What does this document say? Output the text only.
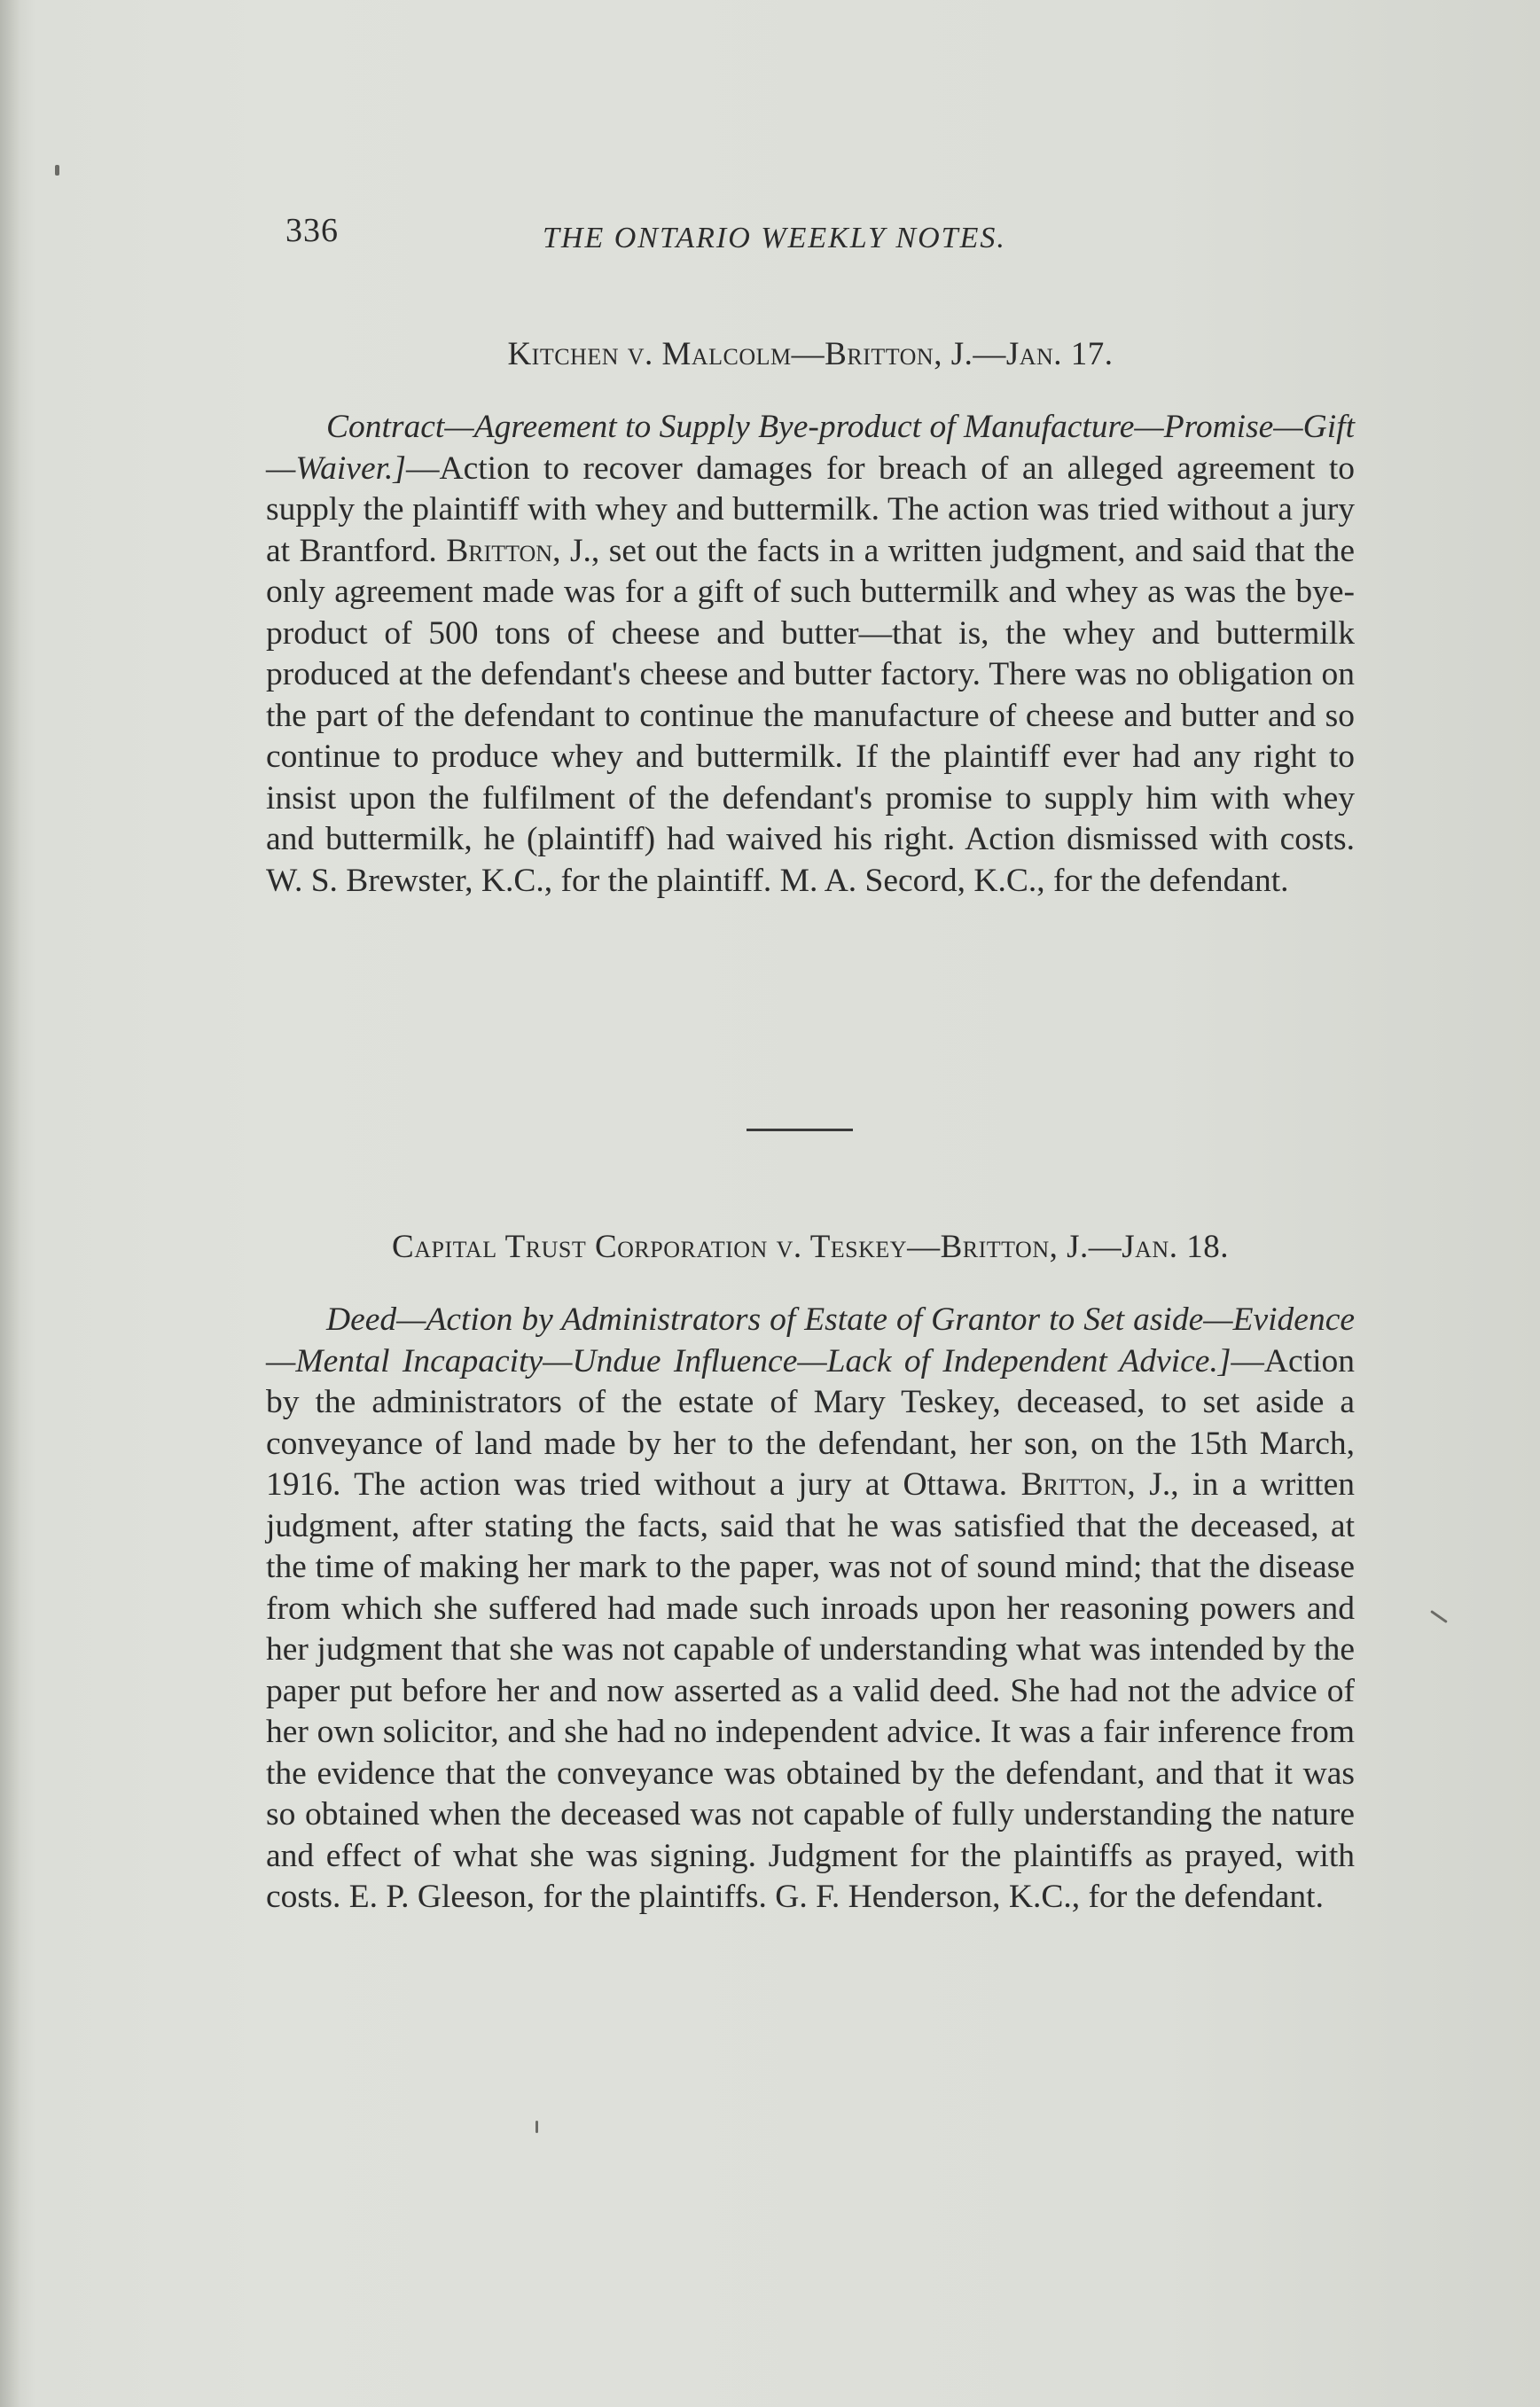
336	THE ONTARIO WEEKLY NOTES.
Kitchen v. Malcolm—Britton, J.—Jan. 17.

Contract—Agreement to Supply Bye-product of Manufacture—Promise—Gift—Waiver.]—Action to recover damages for breach of an alleged agreement to supply the plaintiff with whey and buttermilk. The action was tried without a jury at Brantford. Britton, J., set out the facts in a written judgment, and said that the only agreement made was for a gift of such buttermilk and whey as was the bye-product of 500 tons of cheese and butter—that is, the whey and buttermilk produced at the defendant's cheese and butter factory. There was no obligation on the part of the defendant to continue the manufacture of cheese and butter and so continue to produce whey and buttermilk. If the plaintiff ever had any right to insist upon the fulfilment of the defendant's promise to supply him with whey and buttermilk, he (plaintiff) had waived his right. Action dismissed with costs. W. S. Brewster, K.C., for the plaintiff. M. A. Secord, K.C., for the defendant.

Capital Trust Corporation v. Teskey—Britton, J.—Jan. 18.

Deed—Action by Administrators of Estate of Grantor to Set aside—Evidence—Mental Incapacity—Undue Influence—Lack of Independent Advice.]—Action by the administrators of the estate of Mary Teskey, deceased, to set aside a conveyance of land made by her to the defendant, her son, on the 15th March, 1916. The action was tried without a jury at Ottawa. Britton, J., in a written judgment, after stating the facts, said that he was satisfied that the deceased, at the time of making her mark to the paper, was not of sound mind; that the disease from which she suffered had made such inroads upon her reasoning powers and her judgment that she was not capable of understanding what was intended by the paper put before her and now asserted as a valid deed. She had not the advice of her own solicitor, and she had no independent advice. It was a fair inference from the evidence that the conveyance was obtained by the defendant, and that it was so obtained when the deceased was not capable of fully understanding the nature and effect of what she was signing. Judgment for the plaintiffs as prayed, with costs. E. P. Gleeson, for the plaintiffs. G. F. Henderson, K.C., for the defendant.
